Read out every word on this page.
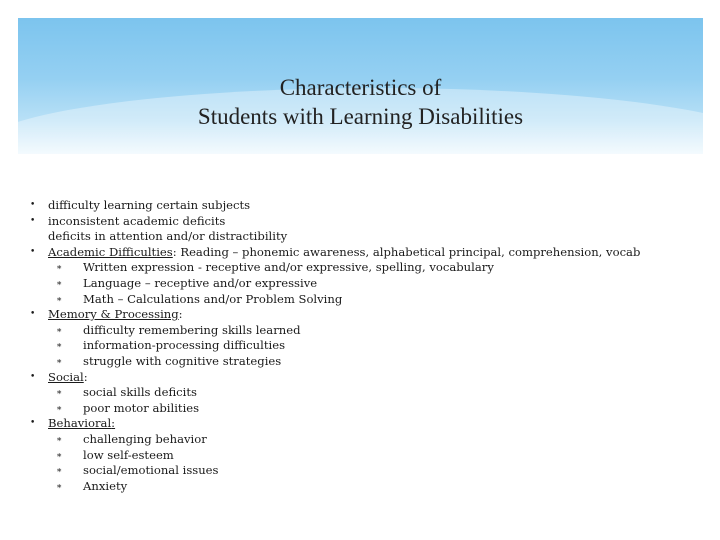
Characteristics of
Students with Learning Disabilities
• difficulty learning certain subjects
• inconsistent academic deficits
deficits in attention and/or distractibility
• Academic Difficulties: Reading – phonemic awareness, alphabetical principal, comprehension, vocab
∗ Written expression - receptive and/or expressive, spelling, vocabulary
∗ Language – receptive and/or expressive
∗ Math – Calculations and/or Problem Solving
• Memory & Processing:
∗ difficulty remembering skills learned
∗ information-processing difficulties
∗ struggle with cognitive strategies
• Social:
∗ social skills deficits
∗ poor motor abilities
• Behavioral:
∗ challenging behavior
∗ low self-esteem
∗ social/emotional issues
∗ Anxiety
